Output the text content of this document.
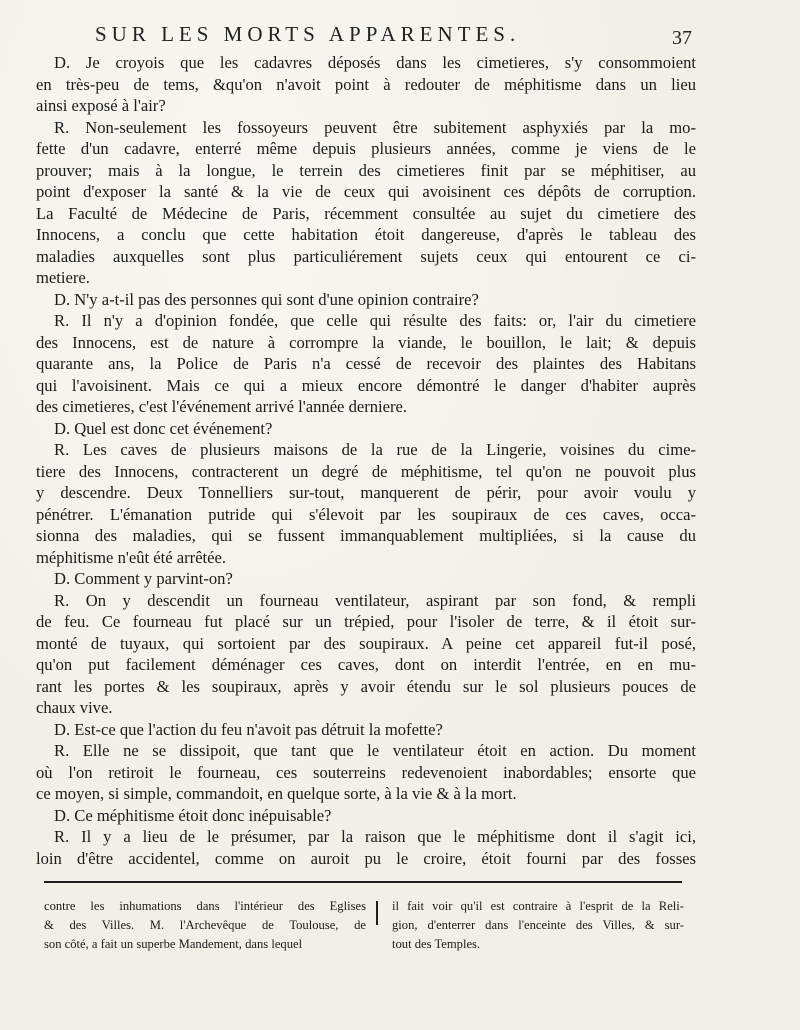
SUR LES MORTS APPARENTES.	37
D. Je croyois que les cadavres déposés dans les cimetieres, s'y consommoient
en très-peu de tems, &qu'on n'avoit point à redouter de méphitisme dans un lieu
ainsi exposé à l'air?
R. Non-seulement les fossoyeurs peuvent être subitement asphyxiés par la mo-
fette d'un cadavre, enterré même depuis plusieurs années, comme je viens de le
prouver; mais à la longue, le terrein des cimetieres finit par se méphitiser, au
point d'exposer la santé & la vie de ceux qui avoisinent ces dépôts de corruption.
La Faculté de Médecine de Paris, récemment consultée au sujet du cimetiere des
Innocens, a conclu que cette habitation étoit dangereuse, d'après le tableau des
maladies auxquelles sont plus particuliérement sujets ceux qui entourent ce ci-
metiere.
D. N'y a-t-il pas des personnes qui sont d'une opinion contraire?
R. Il n'y a d'opinion fondée, que celle qui résulte des faits: or, l'air du cimetiere
des Innocens, est de nature à corrompre la viande, le bouillon, le lait; & depuis
quarante ans, la Police de Paris n'a cessé de recevoir des plaintes des Habitans
qui l'avoisinent. Mais ce qui a mieux encore démontré le danger d'habiter auprès
des cimetieres, c'est l'événement arrivé l'année derniere.
D. Quel est donc cet événement?
R. Les caves de plusieurs maisons de la rue de la Lingerie, voisines du cime-
tiere des Innocens, contracterent un degré de méphitisme, tel qu'on ne pouvoit plus
y descendre. Deux Tonnelliers sur-tout, manquerent de périr, pour avoir voulu y
pénétrer. L'émanation putride qui s'élevoit par les soupiraux de ces caves, occa-
sionna des maladies, qui se fussent immanquablement multipliées, si la cause du
méphitisme n'eût été arrêtée.
D. Comment y parvint-on?
R. On y descendit un fourneau ventilateur, aspirant par son fond, & rempli
de feu. Ce fourneau fut placé sur un trépied, pour l'isoler de terre, & il étoit sur-
monté de tuyaux, qui sortoient par des soupiraux. A peine cet appareil fut-il posé,
qu'on put facilement déménager ces caves, dont on interdit l'entrée, en en mu-
rant les portes & les soupiraux, après y avoir étendu sur le sol plusieurs pouces de
chaux vive.
D. Est-ce que l'action du feu n'avoit pas détruit la mofette?
R. Elle ne se dissipoit, que tant que le ventilateur étoit en action. Du moment
où l'on retiroit le fourneau, ces souterreins redevenoient inabordables; ensorte que
ce moyen, si simple, commandoit, en quelque sorte, à la vie & à la mort.
D. Ce méphitisme étoit donc inépuisable?
R. Il y a lieu de le présumer, par la raison que le méphitisme dont il s'agit ici,
loin d'être accidentel, comme on auroit pu le croire, étoit fourni par des fosses
contre les inhumations dans l'intérieur des Eglises
& des Villes. M. l'Archevêque de Toulouse, de
son côté, a fait un superbe Mandement, dans lequel
il fait voir qu'il est contraire à l'esprit de la Reli-
gion, d'enterrer dans l'enceinte des Villes, & sur-
tout des Temples.
